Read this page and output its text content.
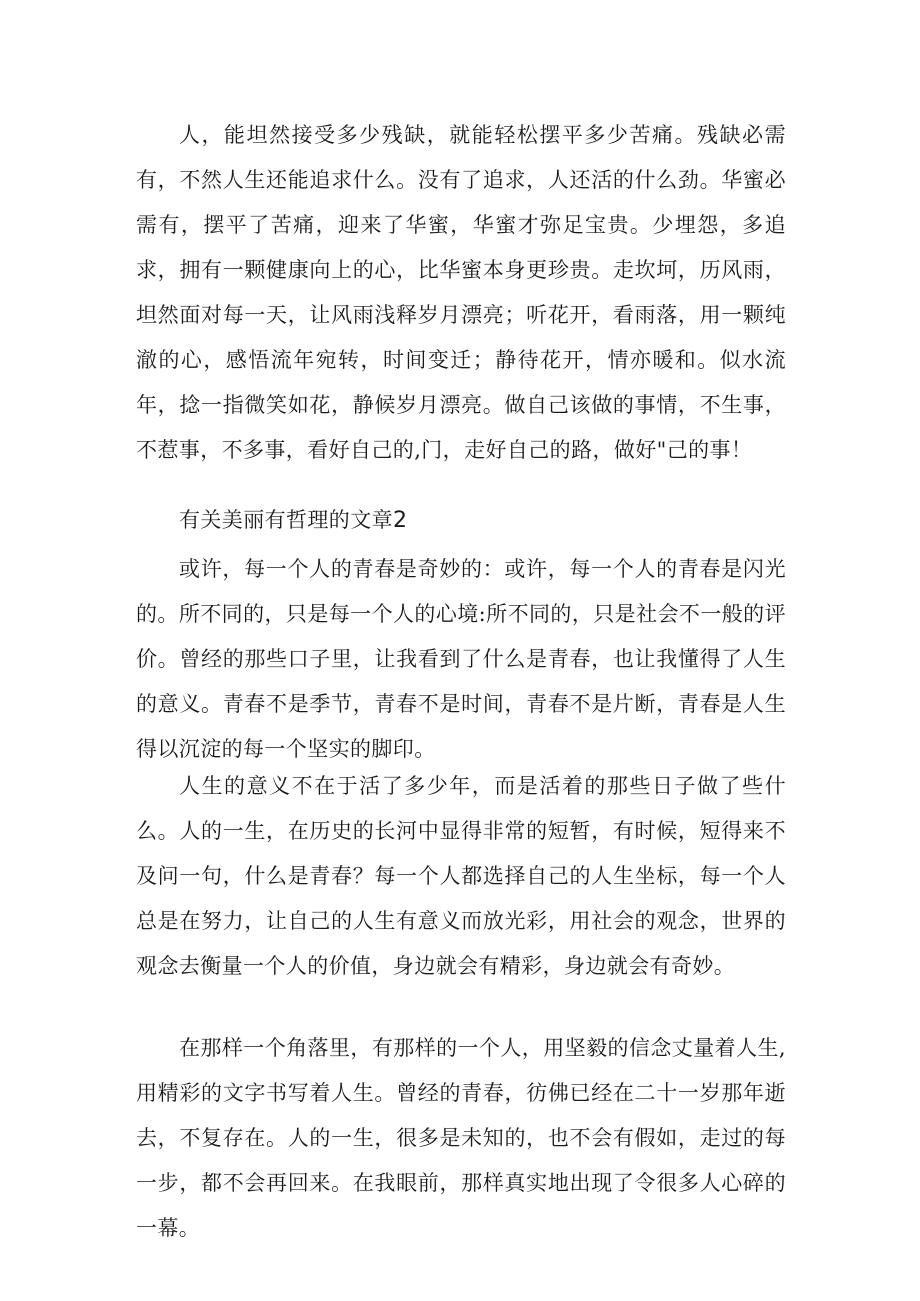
人，能坦然接受多少残缺，就能轻松摆平多少苦痛。残缺必需有，不然人生还能追求什么。没有了追求，人还活的什么劲。华蜜必需有，摆平了苦痛，迎来了华蜜，华蜜才弥足宝贵。少埋怨，多追求，拥有一颗健康向上的心，比华蜜本身更珍贵。走坎坷，历风雨，坦然面对每一天，让风雨浅释岁月漂亮；听花开，看雨落，用一颗纯澈的心，感悟流年宛转，时间变迁；静待花开，情亦暖和。似水流年，捻一指微笑如花，静候岁月漂亮。做自己该做的事情，不生事，不惹事，不多事，看好自己的,门，走好自己的路，做好"己的事！

有关美丽有哲理的文章2

或许，每一个人的青春是奇妙的：或许，每一个人的青春是闪光的。所不同的，只是每一个人的心境:所不同的，只是社会不一般的评价。曾经的那些口子里，让我看到了什么是青春，也让我懂得了人生的意义。青春不是季节，青春不是时间，青春不是片断，青春是人生得以沉淀的每一个坚实的脚印。

人生的意义不在于活了多少年，而是活着的那些日子做了些什么。人的一生，在历史的长河中显得非常的短暂，有时候，短得来不及问一句，什么是青春？每一个人都选择自己的人生坐标，每一个人总是在努力，让自己的人生有意义而放光彩，用社会的观念，世界的观念去衡量一个人的价值，身边就会有精彩，身边就会有奇妙。

在那样一个角落里，有那样的一个人，用坚毅的信念丈量着人生,用精彩的文字书写着人生。曾经的青春，彷佛已经在二十一岁那年逝去，不复存在。人的一生，很多是未知的，也不会有假如，走过的每一步，都不会再回来。在我眼前，那样真实地出现了令很多人心碎的一幕。
